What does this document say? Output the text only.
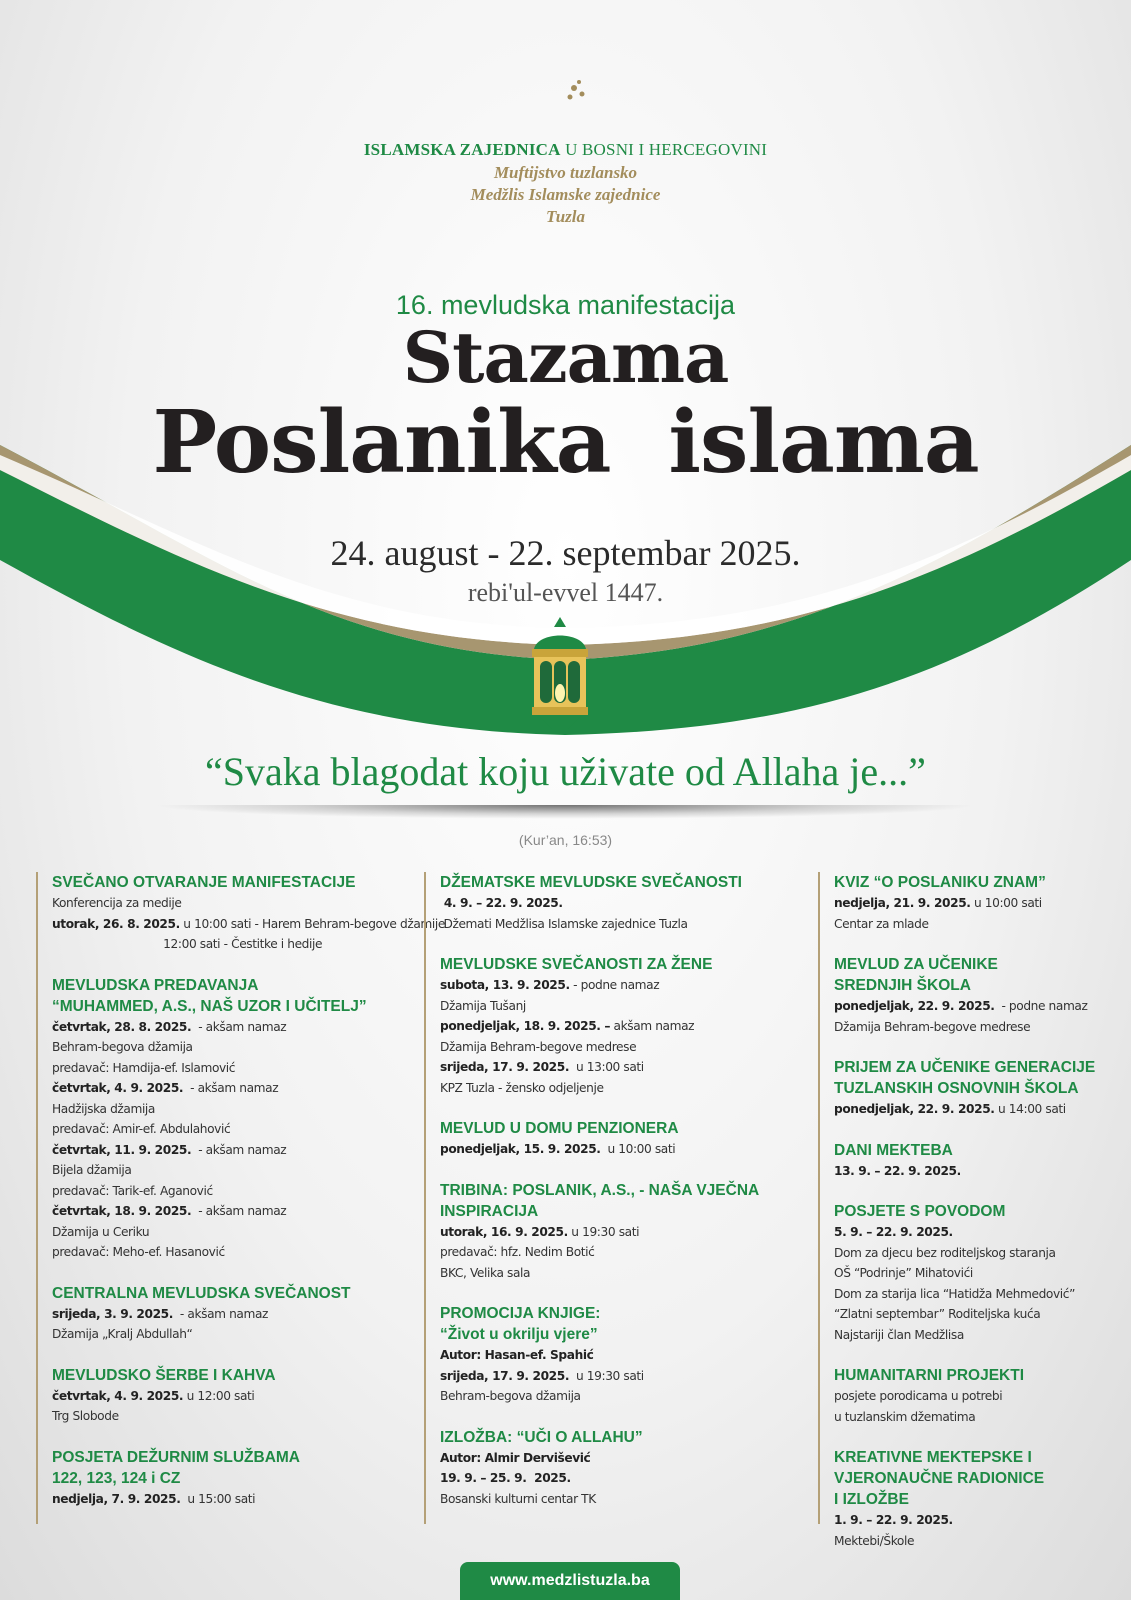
ISLAMSKA ZAJEDNICA U BOSNI I HERCEGOVINI
Muftijstvo tuzlansko
Medžlis Islamske zajednice
Tuzla
16. mevludska manifestacija
Stazama
Poslanika  islama
24. august - 22. septembar 2025.
rebi'ul-evvel 1447.
“Svaka blagodat koju uživate od Allaha je...”
(Kur’an, 16:53)
SVEČANO OTVARANJE MANIFESTACIJE
Konferencija za medije
utorak, 26. 8. 2025. u 10:00 sati - Harem Behram-begove džamije
12:00 sati - Čestitke i hedije
MEVLUDSKA PREDAVANJA
“MUHAMMED, A.S., NAŠ UZOR I UČITELJ”
četvrtak, 28. 8. 2025.  - akšam namaz
Behram-begova džamija
predavač: Hamdija-ef. Islamović
četvrtak, 4. 9. 2025.  - akšam namaz
Hadžijska džamija
predavač: Amir-ef. Abdulahović
četvrtak, 11. 9. 2025.  - akšam namaz
Bijela džamija
predavač: Tarik-ef. Aganović
četvrtak, 18. 9. 2025.  - akšam namaz
Džamija u Ceriku
predavač: Meho-ef. Hasanović
CENTRALNA MEVLUDSKA SVEČANOST
srijeda, 3. 9. 2025.  - akšam namaz
Džamija „Kralj Abdullah“
MEVLUDSKO ŠERBE I KAHVA
četvrtak, 4. 9. 2025. u 12:00 sati
Trg Slobode
POSJETA DEŽURNIM SLUŽBAMA
122, 123, 124 i CZ
nedjelja, 7. 9. 2025.  u 15:00 sati
DŽEMATSKE MEVLUDSKE SVEČANOSTI
4. 9. – 22. 9. 2025.
Džemati Medžlisa Islamske zajednice Tuzla
MEVLUDSKE SVEČANOSTI ZA ŽENE
subota, 13. 9. 2025. - podne namaz
Džamija Tušanj
ponedjeljak, 18. 9. 2025. – akšam namaz
Džamija Behram-begove medrese
srijeda, 17. 9. 2025.  u 13:00 sati
KPZ Tuzla - žensko odjeljenje
MEVLUD U DOMU PENZIONERA
ponedjeljak, 15. 9. 2025.  u 10:00 sati
TRIBINA: POSLANIK, A.S., - NAŠA VJEČNA
INSPIRACIJA
utorak, 16. 9. 2025. u 19:30 sati
predavač: hfz. Nedim Botić
BKC, Velika sala
PROMOCIJA KNJIGE:
“Život u okrilju vjere”
Autor: Hasan-ef. Spahić
srijeda, 17. 9. 2025.  u 19:30 sati
Behram-begova džamija
IZLOŽBA: “UČI O ALLAHU”
Autor: Almir Dervišević
19. 9. – 25. 9.  2025.
Bosanski kulturni centar TK
KVIZ “O POSLANIKU ZNAM”
nedjelja, 21. 9. 2025. u 10:00 sati
Centar za mlade
MEVLUD ZA UČENIKE
SREDNJIH ŠKOLA
ponedjeljak, 22. 9. 2025.  - podne namaz
Džamija Behram-begove medrese
PRIJEM ZA UČENIKE GENERACIJE
TUZLANSKIH OSNOVNIH ŠKOLA
ponedjeljak, 22. 9. 2025. u 14:00 sati
DANI MEKTEBA
13. 9. – 22. 9. 2025.
POSJETE S POVODOM
5. 9. – 22. 9. 2025.
Dom za djecu bez roditeljskog staranja
OŠ “Podrinje” Mihatovići
Dom za starija lica “Hatidža Mehmedović”
“Zlatni septembar” Roditeljska kuća
Najstariji član Medžlisa
HUMANITARNI PROJEKTI
posjete porodicama u potrebi
u tuzlanskim džematima
KREATIVNE MEKTEPSKE I
VJERONAUČNE RADIONICE
I IZLOŽBE
1. 9. – 22. 9. 2025.
Mektebi/Škole
www.medzlistuzla.ba
